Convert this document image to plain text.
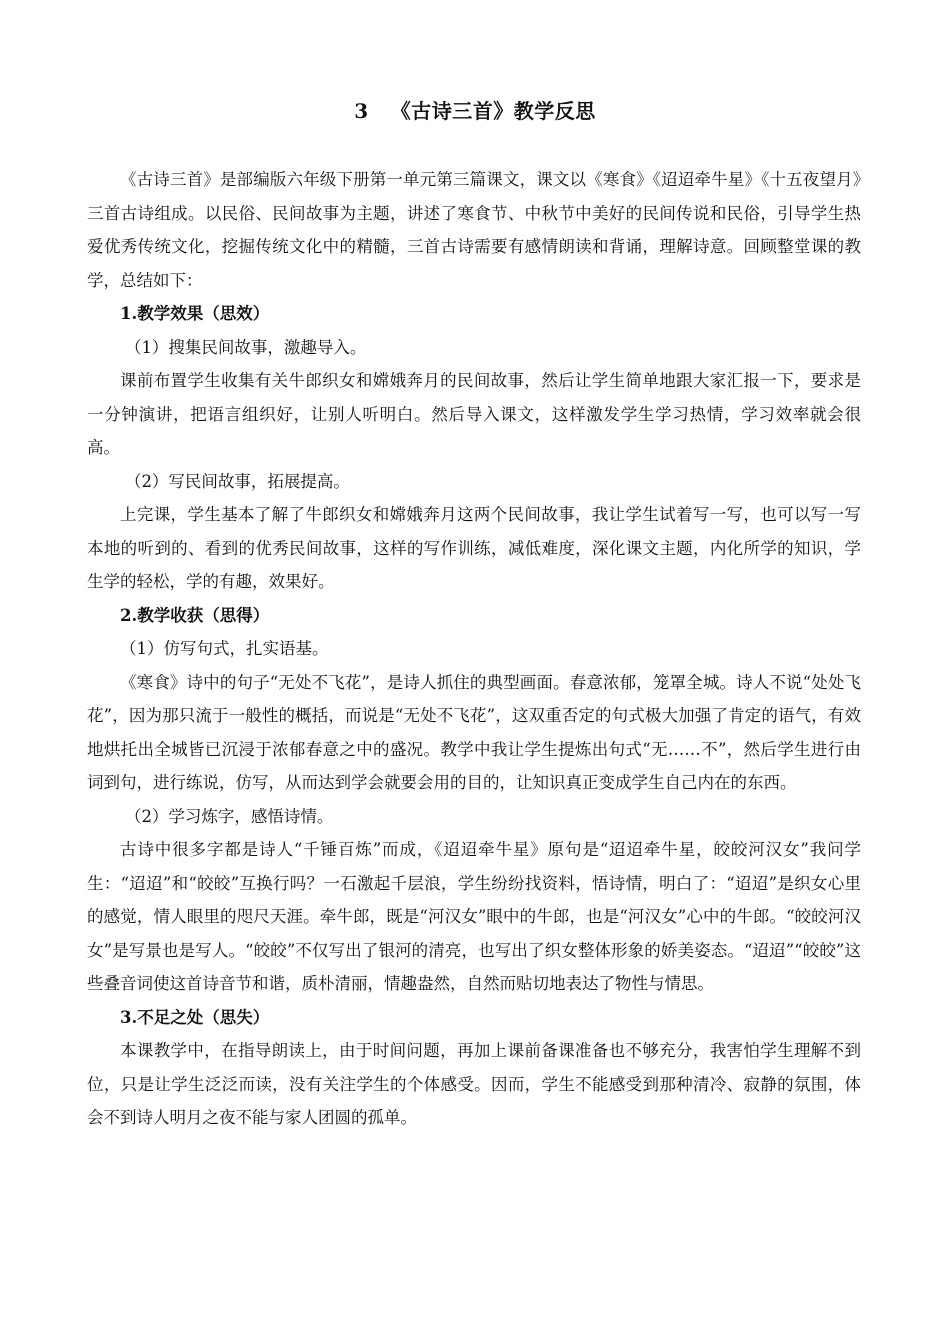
3 《古诗三首》教学反思

《古诗三首》是部编版六年级下册第一单元第三篇课文，课文以《寒食》《迢迢牵牛星》《十五夜望月》三首古诗组成。以民俗、民间故事为主题，讲述了寒食节、中秋节中美好的民间传说和民俗，引导学生热爱优秀传统文化，挖掘传统文化中的精髓，三首古诗需要有感情朗读和背诵，理解诗意。回顾整堂课的教学，总结如下：

1.教学效果（思效）

（1）搜集民间故事，激趣导入。

课前布置学生收集有关牛郎织女和嫦娥奔月的民间故事，然后让学生简单地跟大家汇报一下，要求是一分钟演讲，把语言组织好，让别人听明白。然后导入课文，这样激发学生学习热情，学习效率就会很高。

（2）写民间故事，拓展提高。

上完课，学生基本了解了牛郎织女和嫦娥奔月这两个民间故事，我让学生试着写一写，也可以写一写本地的听到的、看到的优秀民间故事，这样的写作训练，减低难度，深化课文主题，内化所学的知识，学生学的轻松，学的有趣，效果好。

2.教学收获（思得）

（1）仿写句式，扎实语基。

《寒食》诗中的句子“无处不飞花”，是诗人抓住的典型画面。春意浓郁，笼罩全城。诗人不说“处处飞花”，因为那只流于一般性的概括，而说是“无处不飞花”，这双重否定的句式极大加强了肯定的语气，有效地烘托出全城皆已沉浸于浓郁春意之中的盛况。教学中我让学生提炼出句式“无……不”，然后学生进行由词到句，进行练说，仿写，从而达到学会就要会用的目的，让知识真正变成学生自己内在的东西。

（2）学习炼字，感悟诗情。

古诗中很多字都是诗人“千锤百炼”而成，《迢迢牵牛星》原句是“迢迢牵牛星，皎皎河汉女”我问学生：“迢迢”和“皎皎”互换行吗？一石激起千层浪，学生纷纷找资料，悟诗情，明白了：“迢迢”是织女心里的感觉，情人眼里的咫尺天涯。牵牛郎，既是“河汉女”眼中的牛郎，也是“河汉女”心中的牛郎。“皎皎河汉女”是写景也是写人。“皎皎”不仅写出了银河的清亮，也写出了织女整体形象的娇美姿态。“迢迢”“皎皎”这些叠音词使这首诗音节和谐，质朴清丽，情趣盎然，自然而贴切地表达了物性与情思。

3.不足之处（思失）

本课教学中，在指导朗读上，由于时间问题，再加上课前备课准备也不够充分，我害怕学生理解不到位，只是让学生泛泛而读，没有关注学生的个体感受。因而，学生不能感受到那种清冷、寂静的氛围，体会不到诗人明月之夜不能与家人团圆的孤单。
